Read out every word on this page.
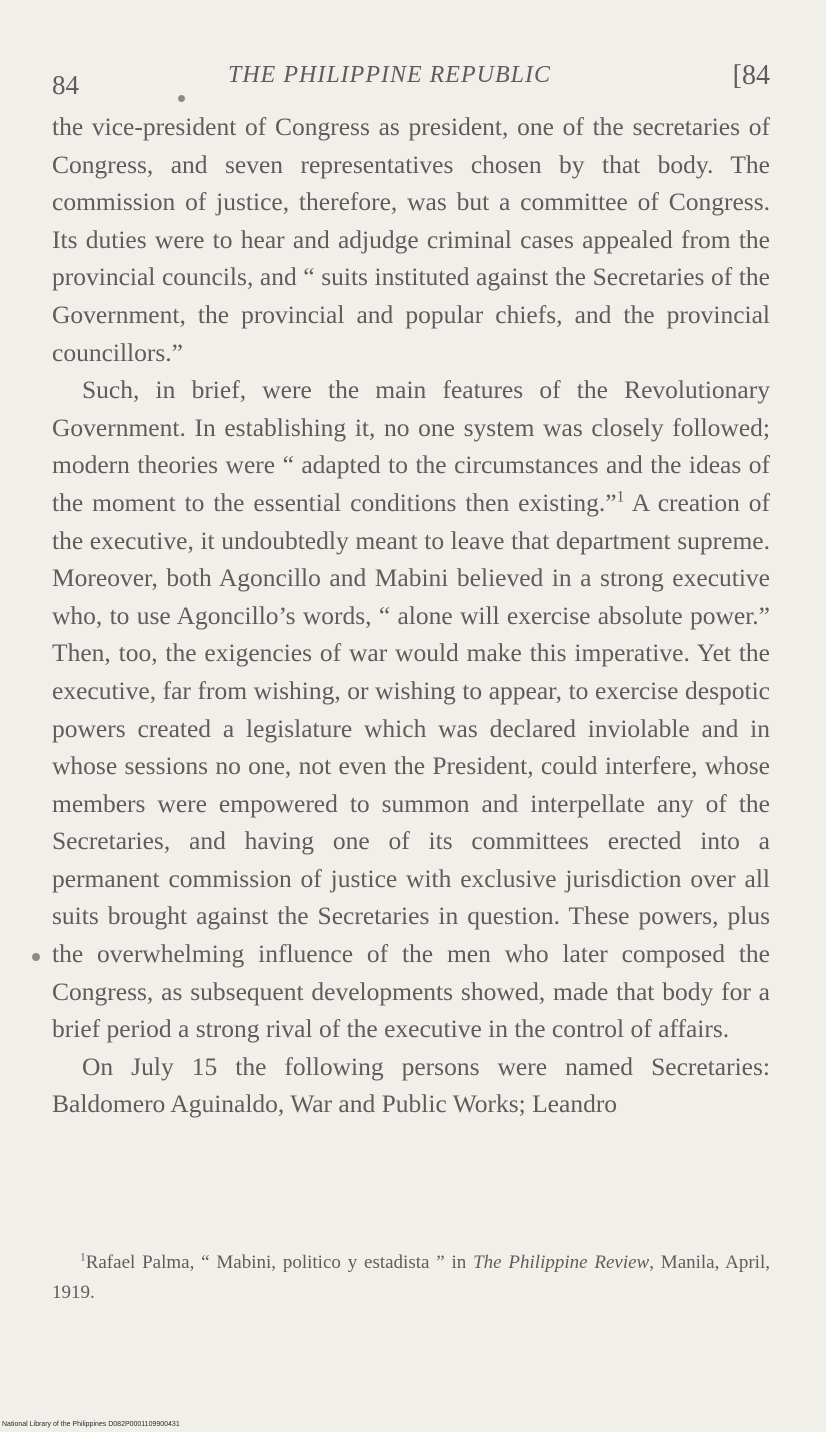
84	THE PHILIPPINE REPUBLIC	[84

the vice-president of Congress as president, one of the secretaries of Congress, and seven representatives chosen by that body. The commission of justice, therefore, was but a committee of Congress. Its duties were to hear and adjudge criminal cases appealed from the provincial councils, and “ suits instituted against the Secretaries of the Government, the provincial and popular chiefs, and the provincial councillors.”

Such, in brief, were the main features of the Revolutionary Government. In establishing it, no one system was closely followed; modern theories were “ adapted to the circumstances and the ideas of the moment to the essential conditions then existing.”$^1$ A creation of the executive, it undoubtedly meant to leave that department supreme. Moreover, both Agoncillo and Mabini believed in a strong executive who, to use Agoncillo’s words, “ alone will exercise absolute power.” Then, too, the exigencies of war would make this imperative. Yet the executive, far from wishing, or wishing to appear, to exercise despotic powers created a legislature which was declared inviolable and in whose sessions no one, not even the President, could interfere, whose members were empowered to summon and interpellate any of the Secretaries, and having one of its committees erected into a permanent commission of justice with exclusive jurisdiction over all suits brought against the Secretaries in question. These powers, plus the overwhelming influence of the men who later composed the Congress, as subsequent developments showed, made that body for a brief period a strong rival of the executive in the control of affairs.

On July 15 the following persons were named Secretaries: Baldomero Aguinaldo, War and Public Works; Leandro

$^1$Rafael Palma, “ Mabini, politico y estadista ” in The Philippine Review, Manila, April, 1919.

National Library of the Philippines D082P0001109900431
